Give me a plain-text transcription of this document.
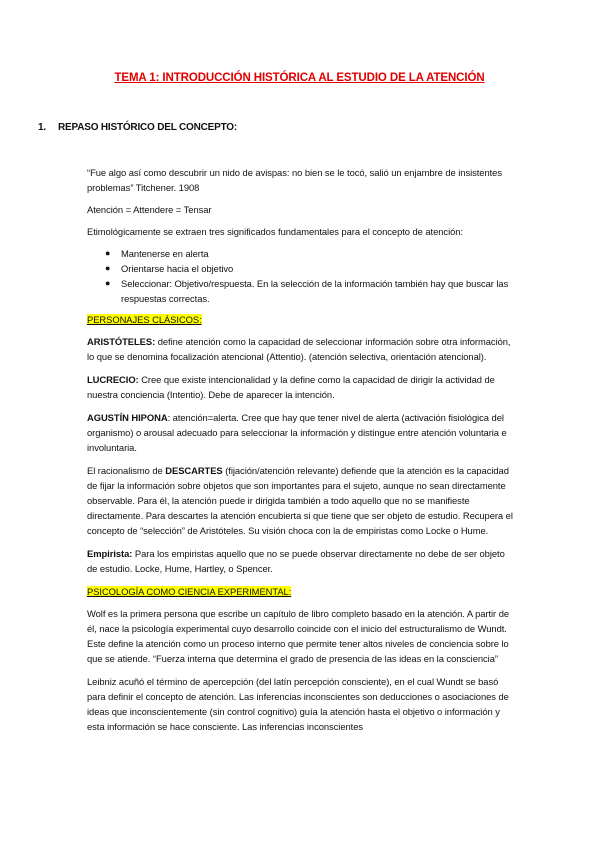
TEMA 1: INTRODUCCIÓN HISTÓRICA AL ESTUDIO DE LA ATENCIÓN
1. REPASO HISTÓRICO DEL CONCEPTO:

“Fue algo así como descubrir un nido de avispas: no bien se le tocó, salió un enjambre de insistentes problemas” Titchener. 1908

Atención = Attendere = Tensar

Etimológicamente se extraen tres significados fundamentales para el concepto de atención:

● Mantenerse en alerta
● Orientarse hacia el objetivo
● Seleccionar: Objetivo/respuesta. En la selección de la información también hay que buscar las respuestas correctas.

PERSONAJES CLÁSICOS:

ARISTÓTELES: define atención como la capacidad de seleccionar información sobre otra información, lo que se denomina focalización atencional (Attentio). (atención selectiva, orientación atencional).

LUCRECIO: Cree que existe intencionalidad y la define como la capacidad de dirigir la actividad de nuestra conciencia (Intentio). Debe de aparecer la intención.

AGUSTÍN HIPONA: atención=alerta. Cree que hay que tener nivel de alerta (activación fisiológica del organismo) o arousal adecuado para seleccionar la información y distingue entre atención voluntaria e involuntaria.

El racionalismo de DESCARTES (fijación/atención relevante) defiende que la atención es la capacidad de fijar la información sobre objetos que son importantes para el sujeto, aunque no sean directamente observable. Para él, la atención puede ir dirigida también a todo aquello que no se manifieste directamente. Para descartes la atención encubierta si que tiene que ser objeto de estudio. Recupera el concepto de “selección” de Aristóteles. Su visión choca con la de empiristas como Locke o Hume.

Empirista: Para los empiristas aquello que no se puede observar directamente no debe de ser objeto de estudio. Locke, Hume, Hartley, o Spencer.

PSICOLOGÍA COMO CIENCIA EXPERIMENTAL:

Wolf es la primera persona que escribe un capítulo de libro completo basado en la atención. A partir de él, nace la psicología experimental cuyo desarrollo coincide con el inicio del estructuralismo de Wundt. Este define la atención como un proceso interno que permite tener altos niveles de conciencia sobre lo que se atiende. “Fuerza interna que determina el grado de presencia de las ideas en la consciencia”

Leibniz acuñó el término de apercepción (del latín percepción consciente), en el cual Wundt se basó para definir el concepto de atención. Las inferencias inconscientes son deducciones o asociaciones de ideas que inconscientemente (sin control cognitivo) guía la atención hasta el objetivo o información y esta información se hace consciente. Las inferencias inconscientes
